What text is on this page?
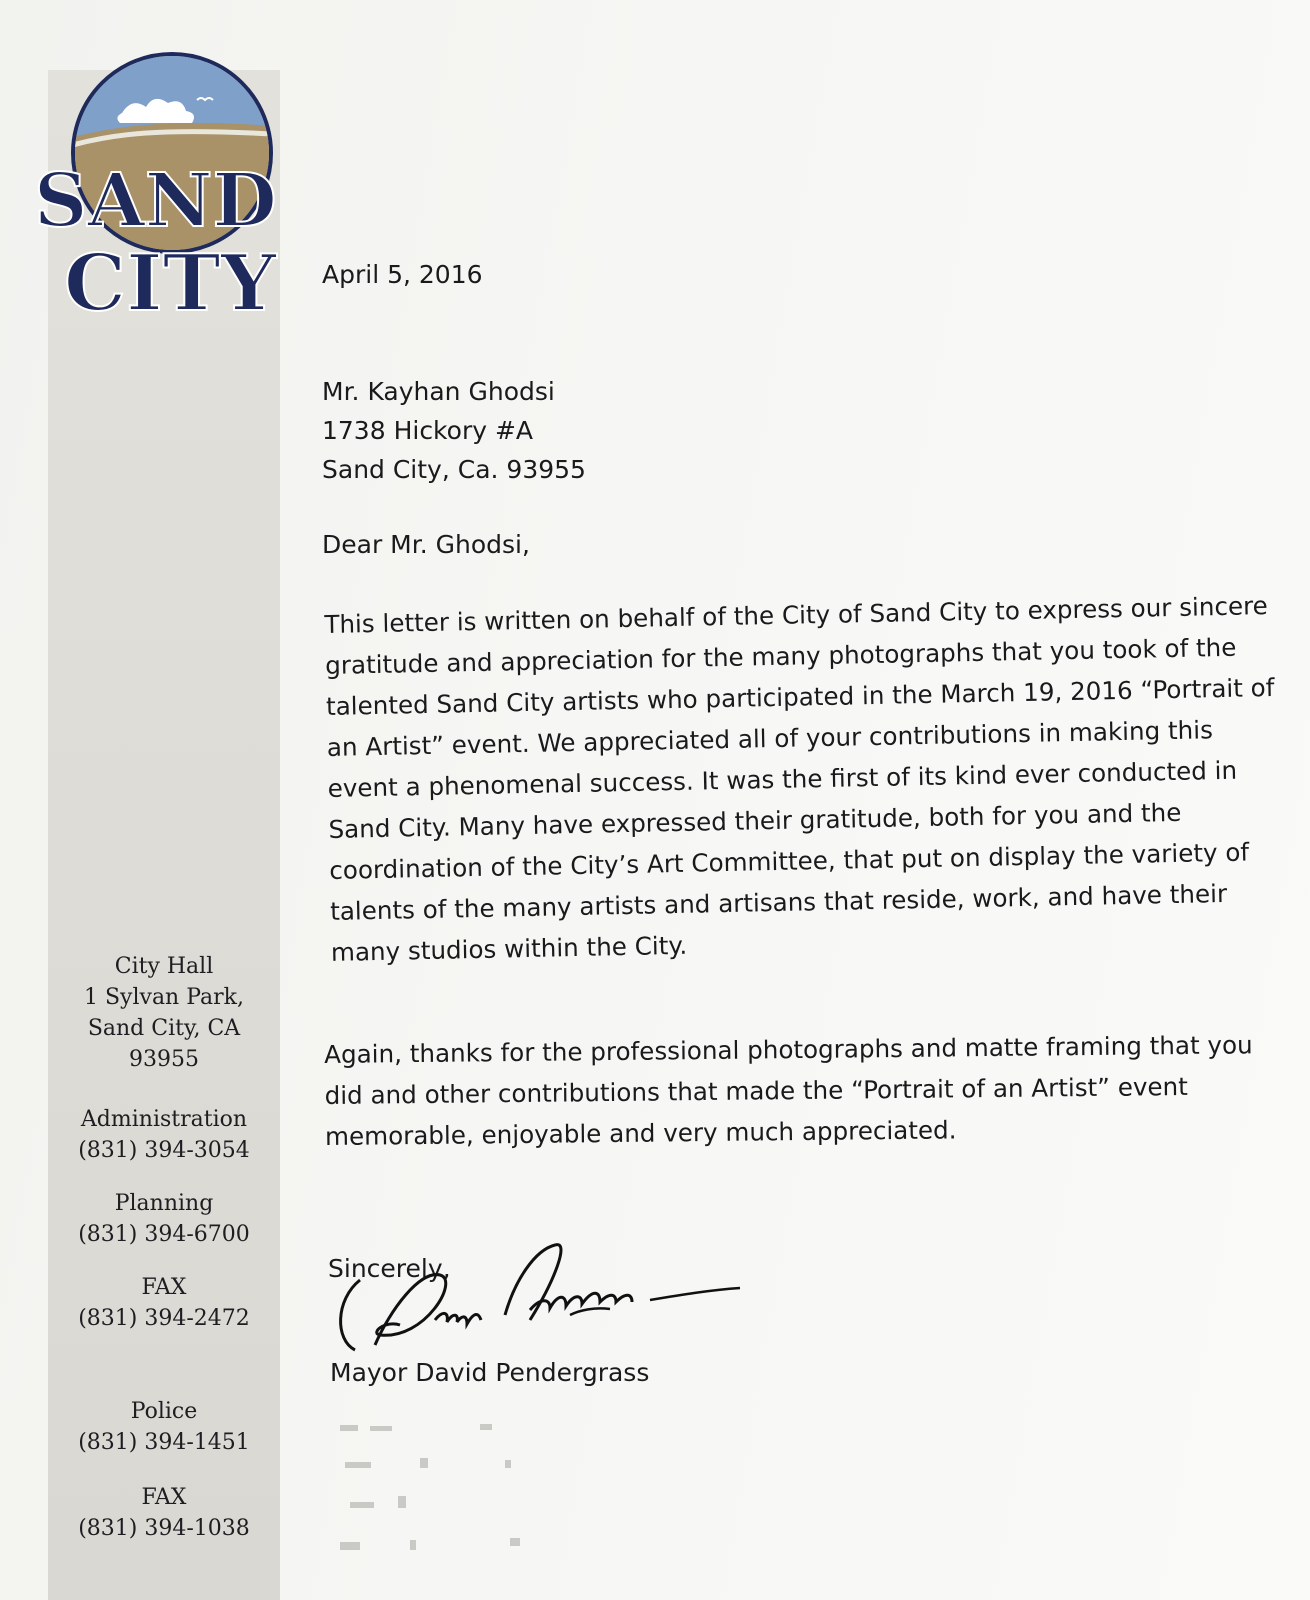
SAND
CITY
City Hall
1 Sylvan Park,
Sand City, CA
93955
Administration
(831) 394-3054
Planning
(831) 394-6700
FAX
(831) 394-2472
Police
(831) 394-1451
FAX
(831) 394-1038
April 5, 2016
Mr. Kayhan Ghodsi
1738 Hickory #A
Sand City, Ca. 93955
Dear Mr. Ghodsi,
This letter is written on behalf of the City of Sand City to express our sincere gratitude and appreciation for the many photographs that you took of the talented Sand City artists who participated in the March 19, 2016 “Portrait of an Artist” event. We appreciated all of your contributions in making this event a phenomenal success. It was the first of its kind ever conducted in Sand City. Many have expressed their gratitude, both for you and the coordination of the City’s Art Committee, that put on display the variety of talents of the many artists and artisans that reside, work, and have their many studios within the City.
Again, thanks for the professional photographs and matte framing that you did and other contributions that made the “Portrait of an Artist” event memorable, enjoyable and very much appreciated.
Sincerely,
Mayor David Pendergrass
